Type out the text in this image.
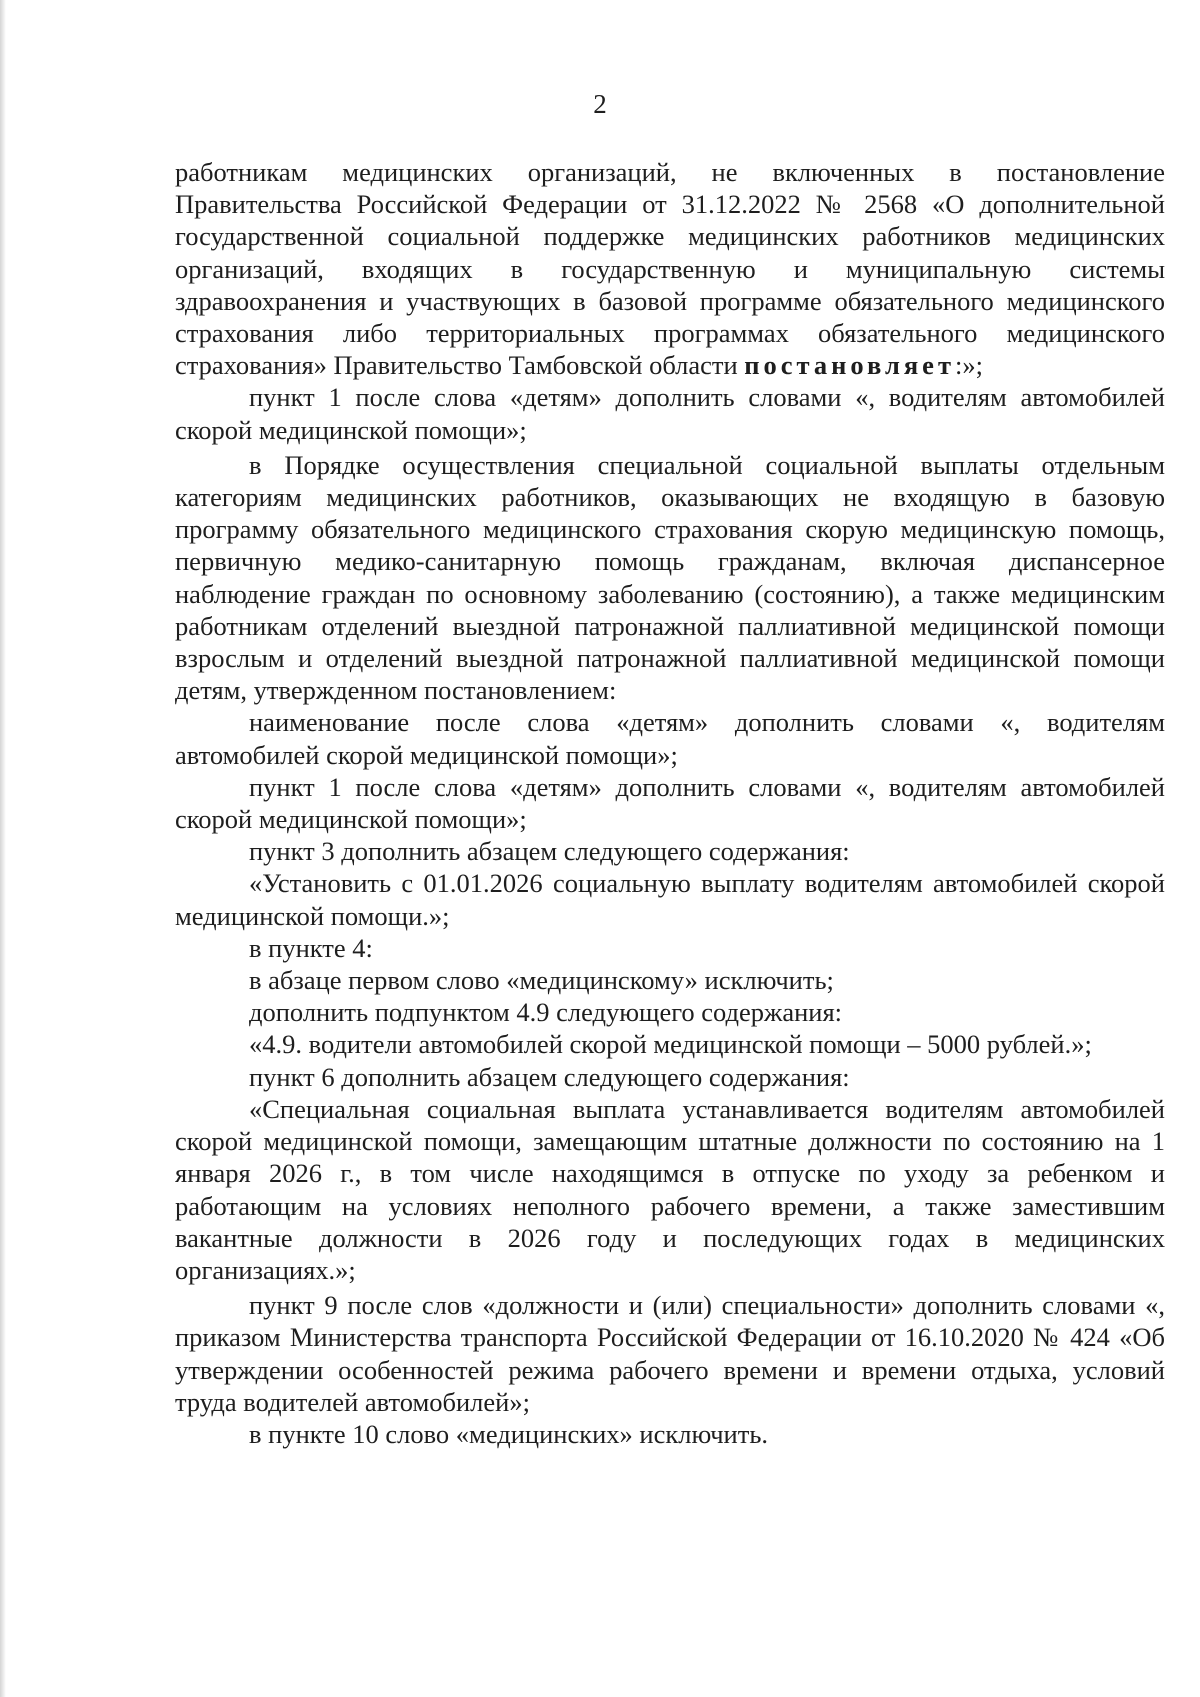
2

работникам медицинских организаций, не включенных в постановление Правительства Российской Федерации от 31.12.2022 № 2568 «О дополнительной государственной социальной поддержке медицинских работников медицинских организаций, входящих в государственную и муниципальную системы здравоохранения и участвующих в базовой программе обязательного медицинского страхования либо территориальных программах обязательного медицинского страхования» Правительство Тамбовской области постановляет:»;

пункт 1 после слова «детям» дополнить словами «, водителям автомобилей скорой медицинской помощи»;

в Порядке осуществления специальной социальной выплаты отдельным категориям медицинских работников, оказывающих не входящую в базовую программу обязательного медицинского страхования скорую медицинскую помощь, первичную медико-санитарную помощь гражданам, включая диспансерное наблюдение граждан по основному заболеванию (состоянию), а также медицинским работникам отделений выездной патронажной паллиативной медицинской помощи взрослым и отделений выездной патронажной паллиативной медицинской помощи детям, утвержденном постановлением:

наименование после слова «детям» дополнить словами «, водителям автомобилей скорой медицинской помощи»;

пункт 1 после слова «детям» дополнить словами «, водителям автомобилей скорой медицинской помощи»;

пункт 3 дополнить абзацем следующего содержания:

«Установить с 01.01.2026 социальную выплату водителям автомобилей скорой медицинской помощи.»;

в пункте 4:

в абзаце первом слово «медицинскому» исключить;

дополнить подпунктом 4.9 следующего содержания:

«4.9. водители автомобилей скорой медицинской помощи – 5000 рублей.»;

пункт 6 дополнить абзацем следующего содержания:

«Специальная социальная выплата устанавливается водителям автомобилей скорой медицинской помощи, замещающим штатные должности по состоянию на 1 января 2026 г., в том числе находящимся в отпуске по уходу за ребенком и работающим на условиях неполного рабочего времени, а также заместившим вакантные должности в 2026 году и последующих годах в медицинских организациях.»;

пункт 9 после слов «должности и (или) специальности» дополнить словами «, приказом Министерства транспорта Российской Федерации от 16.10.2020 № 424 «Об утверждении особенностей режима рабочего времени и времени отдыха, условий труда водителей автомобилей»;

в пункте 10 слово «медицинских» исключить.
